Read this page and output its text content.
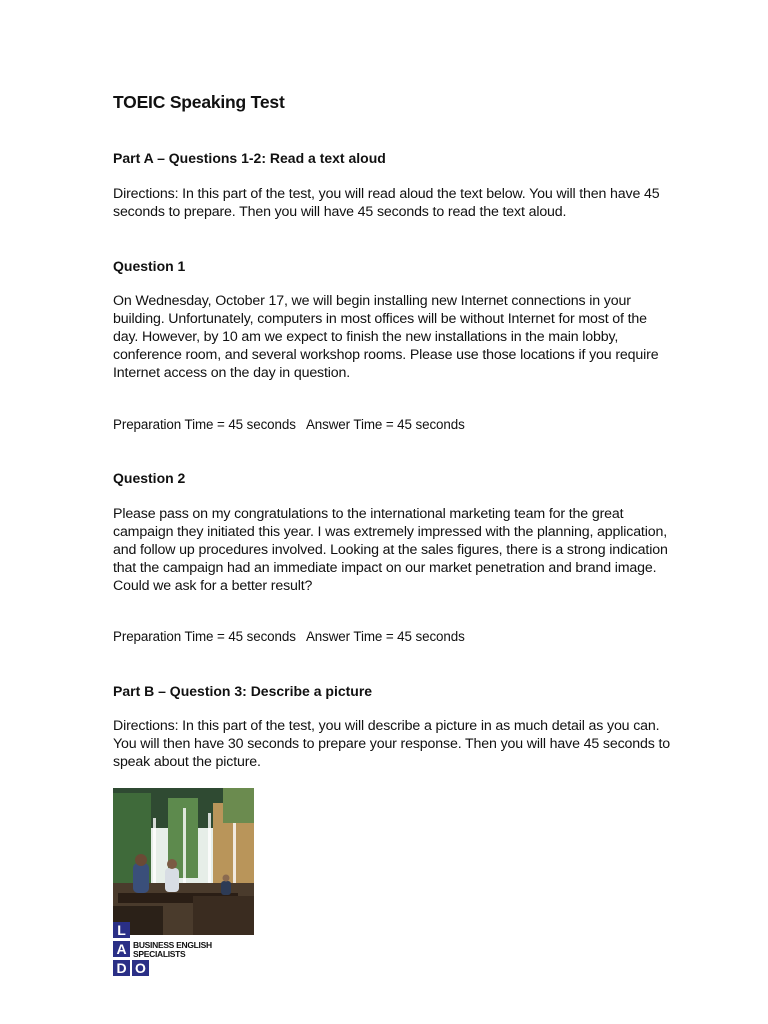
TOEIC Speaking Test
Part A – Questions 1-2: Read a text aloud

Directions: In this part of the test, you will read aloud the text below. You will then have 45 seconds to prepare. Then you will have 45 seconds to read the text aloud.

Question 1

On Wednesday, October 17, we will begin installing new Internet connections in your building. Unfortunately, computers in most offices will be without Internet for most of the day. However, by 10 am we expect to finish the new installations in the main lobby, conference room, and several workshop rooms. Please use those locations if you require Internet access on the day in question.

Preparation Time = 45 seconds   Answer Time = 45 seconds
Question 2

Please pass on my congratulations to the international marketing team for the great campaign they initiated this year. I was extremely impressed with the planning, application, and follow up procedures involved. Looking at the sales figures, there is a strong indication that the campaign had an immediate impact on our market penetration and brand image. Could we ask for a better result?

Preparation Time = 45 seconds   Answer Time = 45 seconds
Part B – Question 3: Describe a picture

Directions: In this part of the test, you will describe a picture in as much detail as you can. You will then have 30 seconds to prepare your response. Then you will have 45 seconds to speak about the picture.

L
A
D O
BUSINESS ENGLISH
SPECIALISTS
